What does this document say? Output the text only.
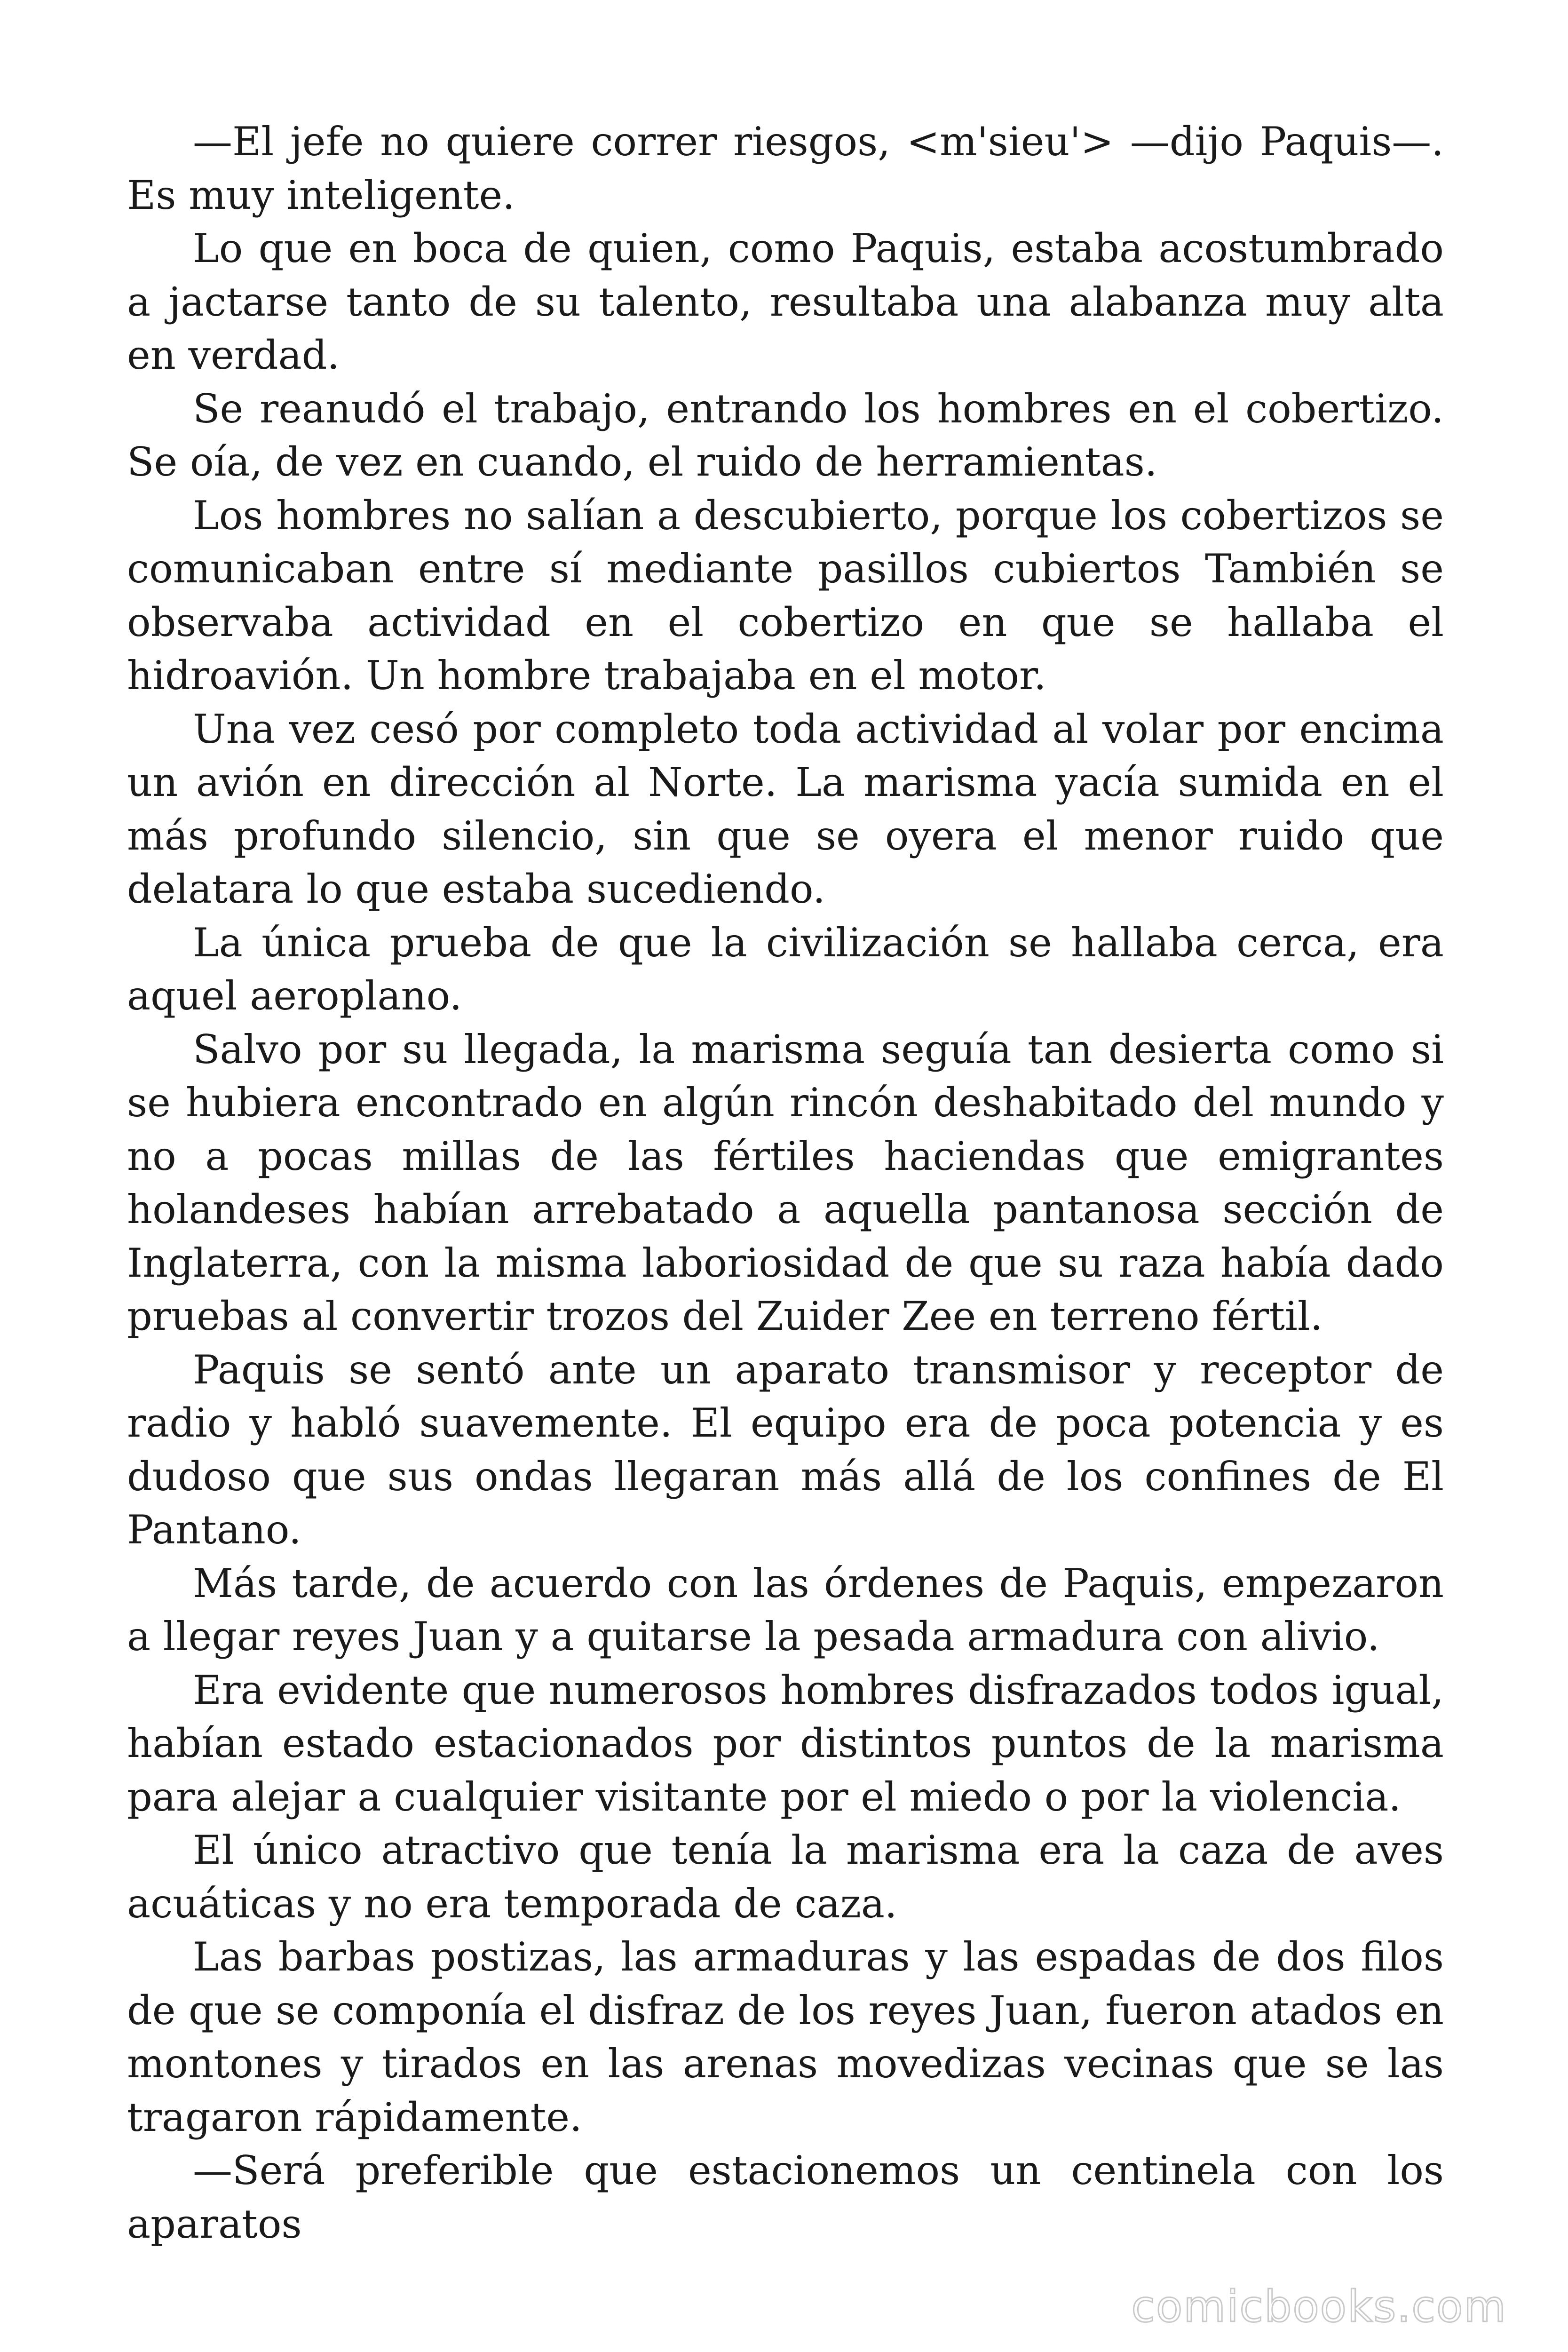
—El jefe no quiere correr riesgos, <m'sieu'> —dijo Paquis—. Es muy inteligente.

Lo que en boca de quien, como Paquis, estaba acostumbrado a jactarse tanto de su talento, resultaba una alabanza muy alta en verdad.

Se reanudó el trabajo, entrando los hombres en el cobertizo. Se oía, de vez en cuando, el ruido de herramientas.

Los hombres no salían a descubierto, porque los cobertizos se comunicaban entre sí mediante pasillos cubiertos También se observaba actividad en el cobertizo en que se hallaba el hidroavión. Un hombre trabajaba en el motor.

Una vez cesó por completo toda actividad al volar por encima un avión en dirección al Norte. La marisma yacía sumida en el más profundo silencio, sin que se oyera el menor ruido que delatara lo que estaba sucediendo.

La única prueba de que la civilización se hallaba cerca, era aquel aeroplano.

Salvo por su llegada, la marisma seguía tan desierta como si se hubiera encontrado en algún rincón deshabitado del mundo y no a pocas millas de las fértiles haciendas que emigrantes holandeses habían arrebatado a aquella pantanosa sección de Inglaterra, con la misma laboriosidad de que su raza había dado pruebas al convertir trozos del Zuider Zee en terreno fértil.

Paquis se sentó ante un aparato transmisor y receptor de radio y habló suavemente. El equipo era de poca potencia y es dudoso que sus ondas llegaran más allá de los confines de El Pantano.

Más tarde, de acuerdo con las órdenes de Paquis, empezaron a llegar reyes Juan y a quitarse la pesada armadura con alivio.

Era evidente que numerosos hombres disfrazados todos igual, habían estado estacionados por distintos puntos de la marisma para alejar a cualquier visitante por el miedo o por la violencia.

El único atractivo que tenía la marisma era la caza de aves acuáticas y no era temporada de caza.

Las barbas postizas, las armaduras y las espadas de dos filos de que se componía el disfraz de los reyes Juan, fueron atados en montones y tirados en las arenas movedizas vecinas que se las tragaron rápidamente.

—Será preferible que estacionemos un centinela con los aparatos

comicbooks.com
